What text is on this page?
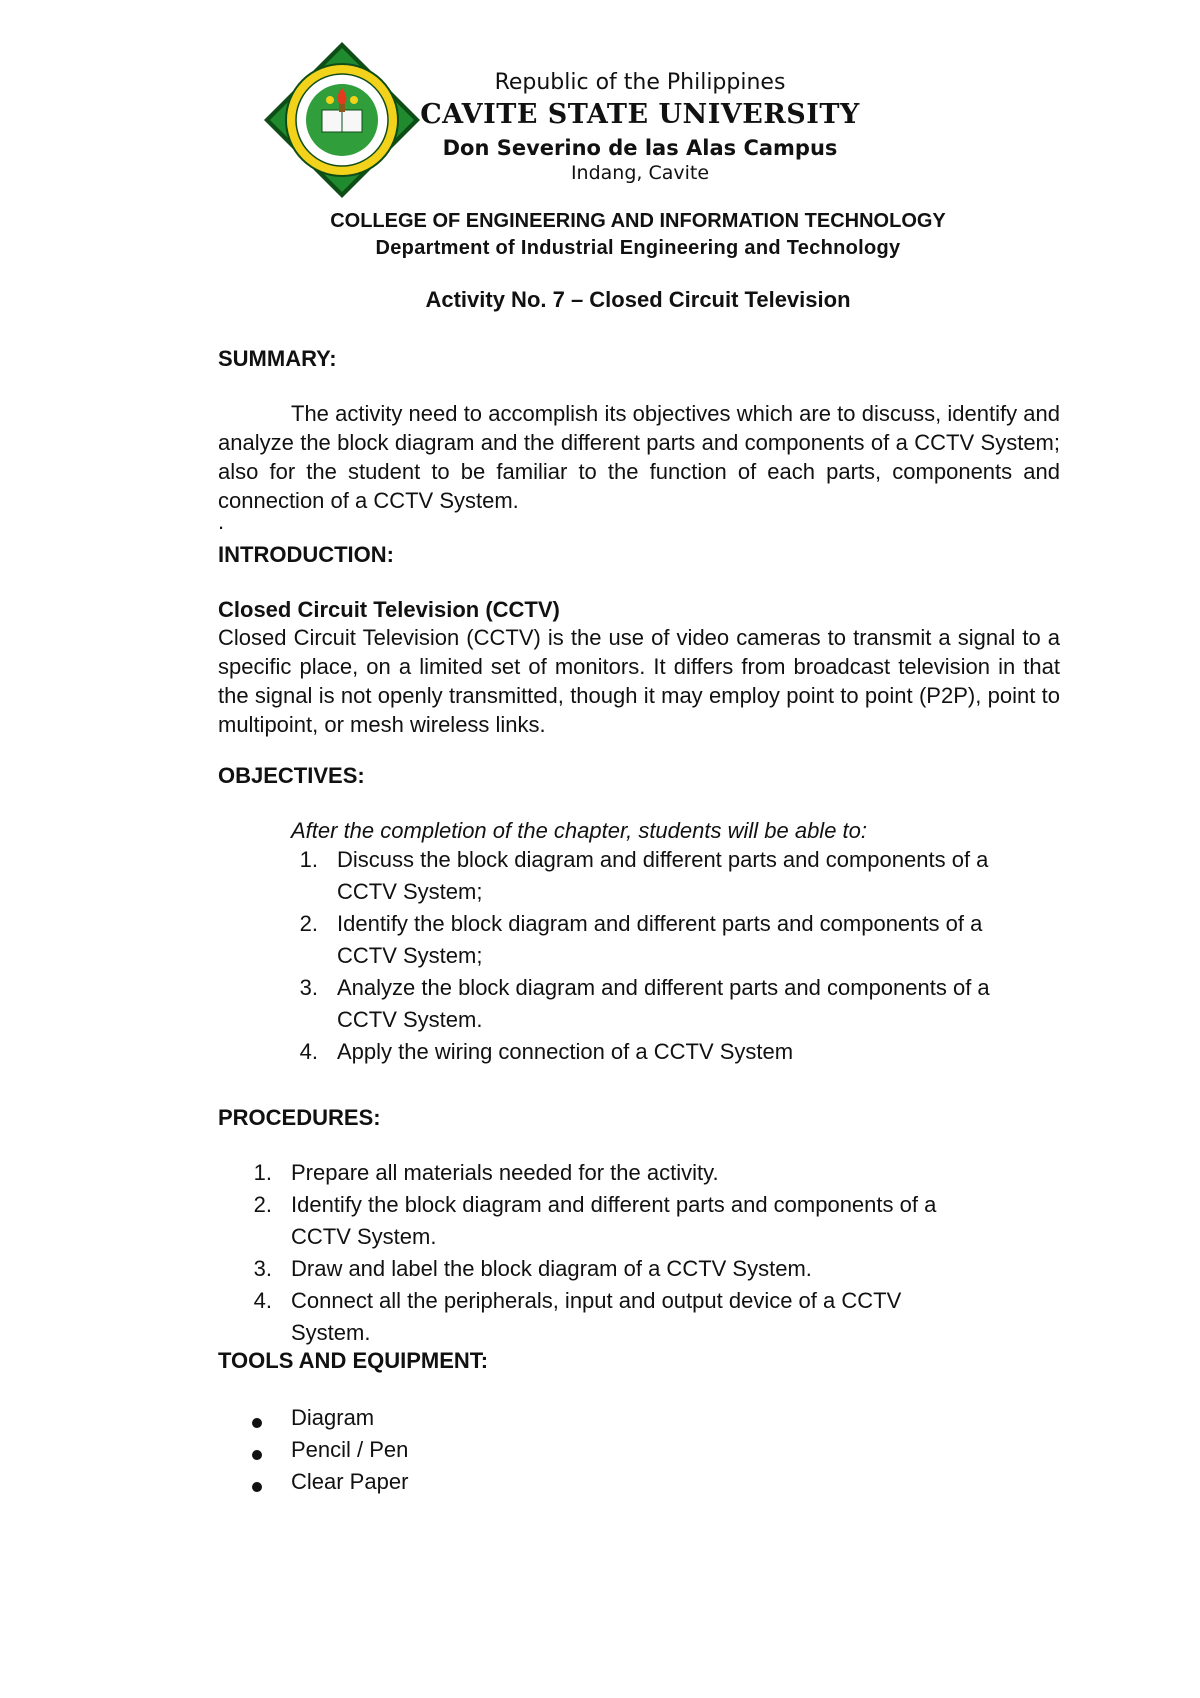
Republic of the Philippines
CAVITE STATE UNIVERSITY
Don Severino de las Alas Campus
Indang, Cavite
COLLEGE OF ENGINEERING AND INFORMATION TECHNOLOGY
Department of Industrial Engineering and Technology
Activity No. 7 – Closed Circuit Television
SUMMARY:
The activity need to accomplish its objectives which are to discuss, identify and analyze the block diagram and the different parts and components of a CCTV System; also for the student to be familiar to the function of each parts, components and connection of a CCTV System.
.
INTRODUCTION:
Closed Circuit Television (CCTV)
Closed Circuit Television (CCTV) is the use of video cameras to transmit a signal to a specific place, on a limited set of monitors. It differs from broadcast television in that the signal is not openly transmitted, though it may employ point to point (P2P), point to multipoint, or mesh wireless links.
OBJECTIVES:
After the completion of the chapter, students will be able to:
1. Discuss the block diagram and different parts and components of a
CCTV System;
2. Identify the block diagram and different parts and components of a
CCTV System;
3. Analyze the block diagram and different parts and components of a
CCTV System.
4. Apply the wiring connection of a CCTV System
PROCEDURES:
1. Prepare all materials needed for the activity.
2. Identify the block diagram and different parts and components of a
CCTV System.
3. Draw and label the block diagram of a CCTV System.
4. Connect all the peripherals, input and output device of a CCTV
System.
TOOLS AND EQUIPMENT:
Diagram
Pencil / Pen
Clear Paper
